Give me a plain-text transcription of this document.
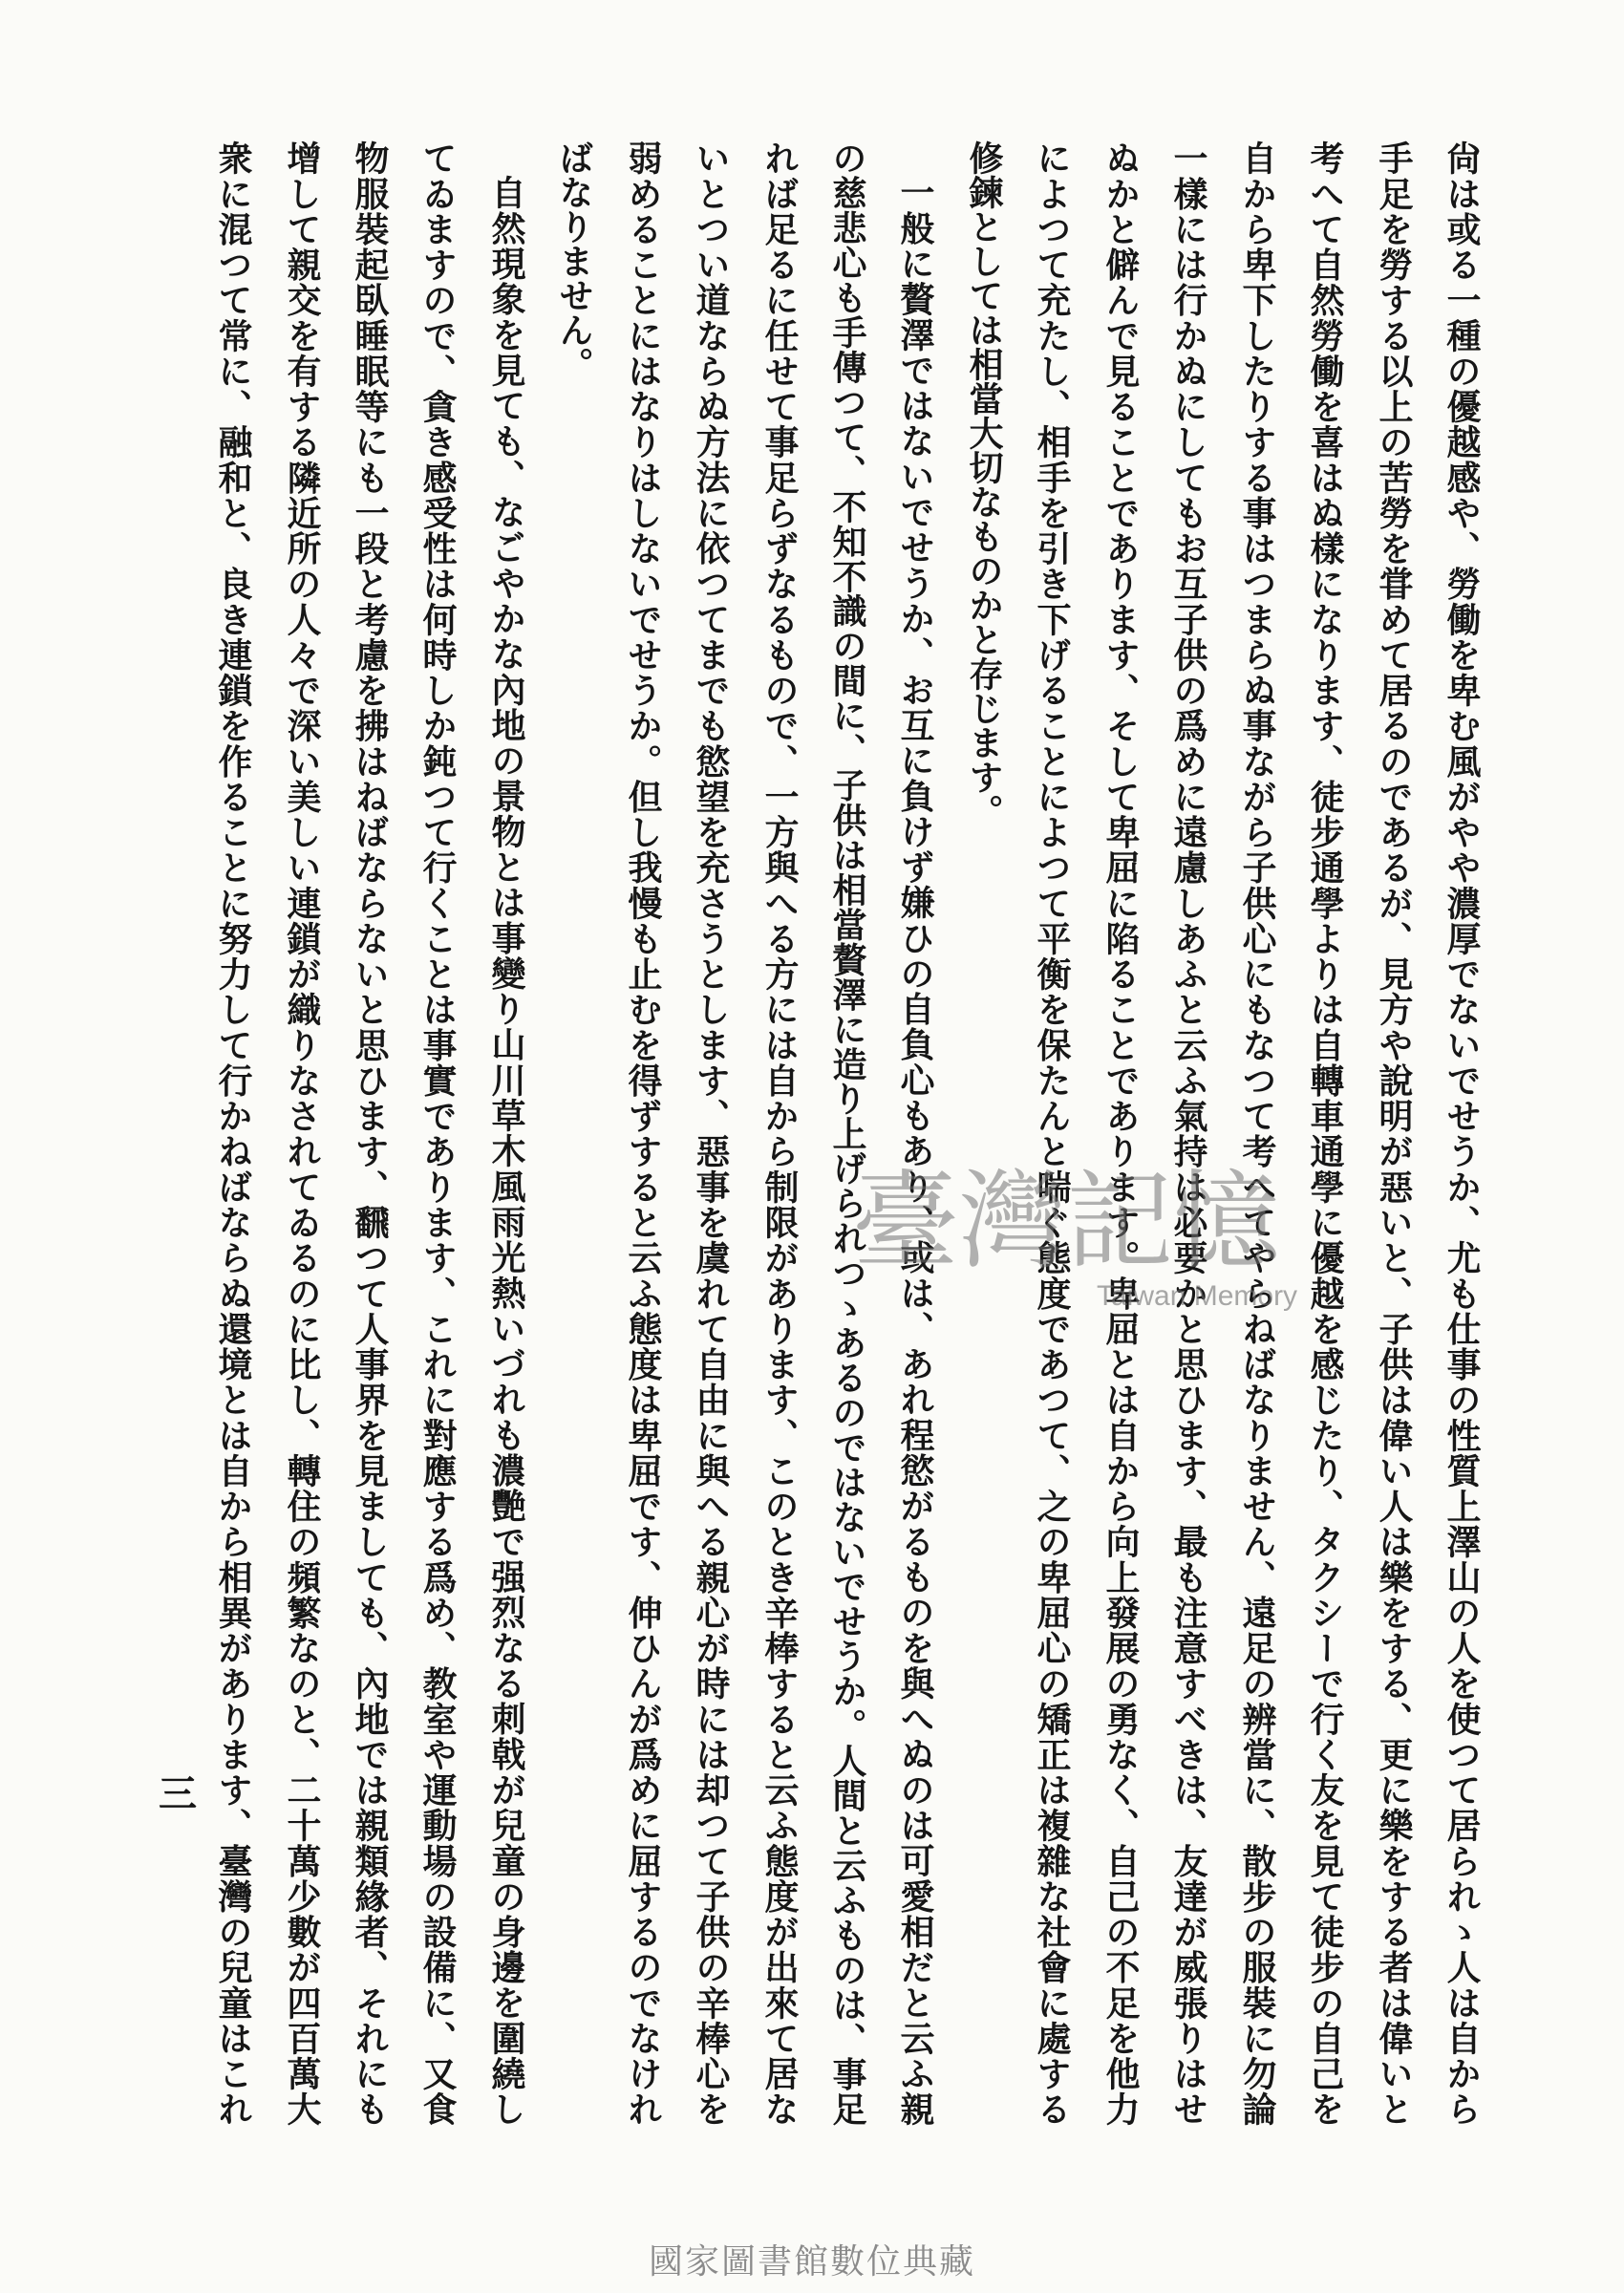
尙は或る一種の優越感や、勞働を卑む風がやや濃厚でないでせうか、尤も仕事の性質上澤山の人を使つて居られゝ人は自から
手足を勞する以上の苦勞を甞めて居るのであるが、見方や說明が惡いと、子供は偉い人は樂をする、更に樂をする者は偉いと
考へて自然勞働を喜はぬ樣になります、徒步通學よりは自轉車通學に優越を感じたり、タクシーで行く友を見て徒步の自己を
自から卑下したりする事はつまらぬ事ながら子供心にもなつて考へてやらねばなりません、遠足の辨當に、散步の服裝に勿論
一樣には行かぬにしてもお互子供の爲めに遠慮しあふと云ふ氣持は必要かと思ひます、最も注意すべきは、友達が威張りはせ
ぬかと僻んで見ることであります、そして卑屈に陷ることであります。卑屈とは自から向上發展の勇なく、自己の不足を他力
によつて充たし、相手を引き下げることによつて平衡を保たんと喘ぐ態度であつて、之の卑屈心の矯正は複雜な社會に處する
修鍊としては相當大切なものかと存じます。
一般に贅澤ではないでせうか、お互に負けず嫌ひの自負心もあり、或は、あれ程慾がるものを與へぬのは可愛相だと云ふ親
の慈悲心も手傳つて、不知不識の間に、子供は相當贅澤に造り上げられつゝあるのではないでせうか。人間と云ふものは、事足
れば足るに任せて事足らずなるもので、一方與へる方には自から制限があります、このとき辛棒すると云ふ態度が出來て居な
いとつい道ならぬ方法に依つてまでも慾望を充さうとします、惡事を虞れて自由に與へる親心が時には却つて子供の辛棒心を
弱めることにはなりはしないでせうか。但し我慢も止むを得ずすると云ふ態度は卑屈です、伸ひんが爲めに屈するのでなけれ
ばなりません。
自然現象を見ても、なごやかな內地の景物とは事變り山川草木風雨光熱いづれも濃艷で强烈なる刺戟が兒童の身邊を圍繞し
てゐますので、貪き感受性は何時しか鈍つて行くことは事實であります、これに對應する爲め、教室や運動場の設備に、又食
物服裝起臥睡眠等にも一段と考慮を拂はねばならないと思ひます、飜つて人事界を見ましても、內地では親類緣者、それにも
增して親交を有する隣近所の人々で深い美しい連鎖が織りなされてゐるのに比し、轉住の頻繁なのと、二十萬少數が四百萬大
衆に混つて常に、融和と、良き連鎖を作ることに努力して行かねばならぬ還境とは自から相異があります、臺灣の兒童はこれ
三
臺灣記憶
Taiwan Memory
國家圖書館數位典藏
